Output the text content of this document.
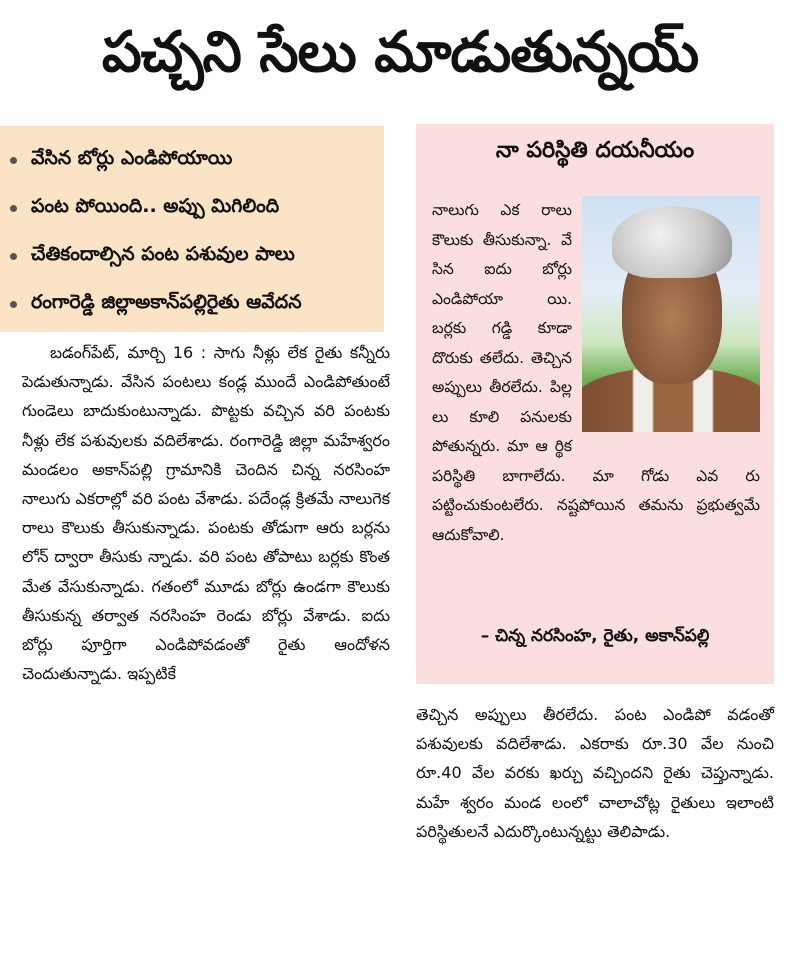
పచ్చని సేలు మాడుతున్నయ్
వేసిన బోర్లు ఎండిపోయాయి
పంట పోయింది.. అప్పు మిగిలింది
చేతికందాల్సిన పంట పశువుల పాలు
రంగారెడ్డి జిల్లాఅకాన్‌పల్లిరైతు ఆవేదన

బడంగ్‌పేట్, మార్చి 16 : సాగు నీళ్లు లేక రైతు కన్నీరు పెడుతున్నాడు. వేసిన పంటలు కండ్ల ముందే ఎండిపోతుంటే గుండెలు బాదుకుంటున్నాడు. పొట్టకు వచ్చిన వరి పంటకు నీళ్లు లేక పశువులకు వదిలేశాడు. రంగారెడ్డి జిల్లా మహేశ్వరం మండలం అకాన్‌పల్లి గ్రామానికి చెందిన చిన్న నరసింహ నాలుగు ఎకరాల్లో వరి పంట వేశాడు. పదేండ్ల క్రితమే నాలుగెక రాలు కౌలుకు తీసుకున్నాడు. పంటకు తోడుగా ఆరు బర్లను లోన్ ద్వారా తీసుకు న్నాడు. వరి పంట తోపాటు బర్లకు కొంత మేత వేసుకున్నాడు. గతంలో మూడు బోర్లు ఉండగా కౌలుకు తీసుకున్న తర్వాత నరసింహ రెండు బోర్లు వేశాడు. ఐదు బోర్లు పూర్తిగా ఎండిపోవడంతో రైతు ఆందోళన చెందుతున్నాడు. ఇప్పటికే

నా పరిస్థితి దయనీయం

నాలుగు ఎక రాలు కౌలుకు తీసుకున్నా. వే సిన ఐదు బోర్లు ఎండిపోయా యి. బర్లకు గడ్డి కూడా దొరుకు తలేదు. తెచ్చిన అప్పులు తీరలేదు. పిల్ల లు కూలి పనులకు పోతున్నరు. మా ఆ ర్థిక పరిస్థితి బాగాలేదు. మా గోడు ఎవ రు పట్టించుకుంటలేరు. నష్టపోయిన తమను ప్రభుత్వమే ఆదుకోవాలి.

– చిన్న నరసింహ, రైతు, అకాన్‌పల్లి

తెచ్చిన అప్పులు తీరలేదు. పంట ఎండిపో వడంతో పశువులకు వదిలేశాడు. ఎకరాకు రూ.30 వేల నుంచి రూ.40 వేల వరకు ఖర్చు వచ్చిందని రైతు చెప్తున్నాడు. మహే శ్వరం మండ లంలో చాలాచోట్ల రైతులు ఇలాంటి పరిస్థితులనే ఎదుర్కొంటున్నట్టు తెలిపాడు.
